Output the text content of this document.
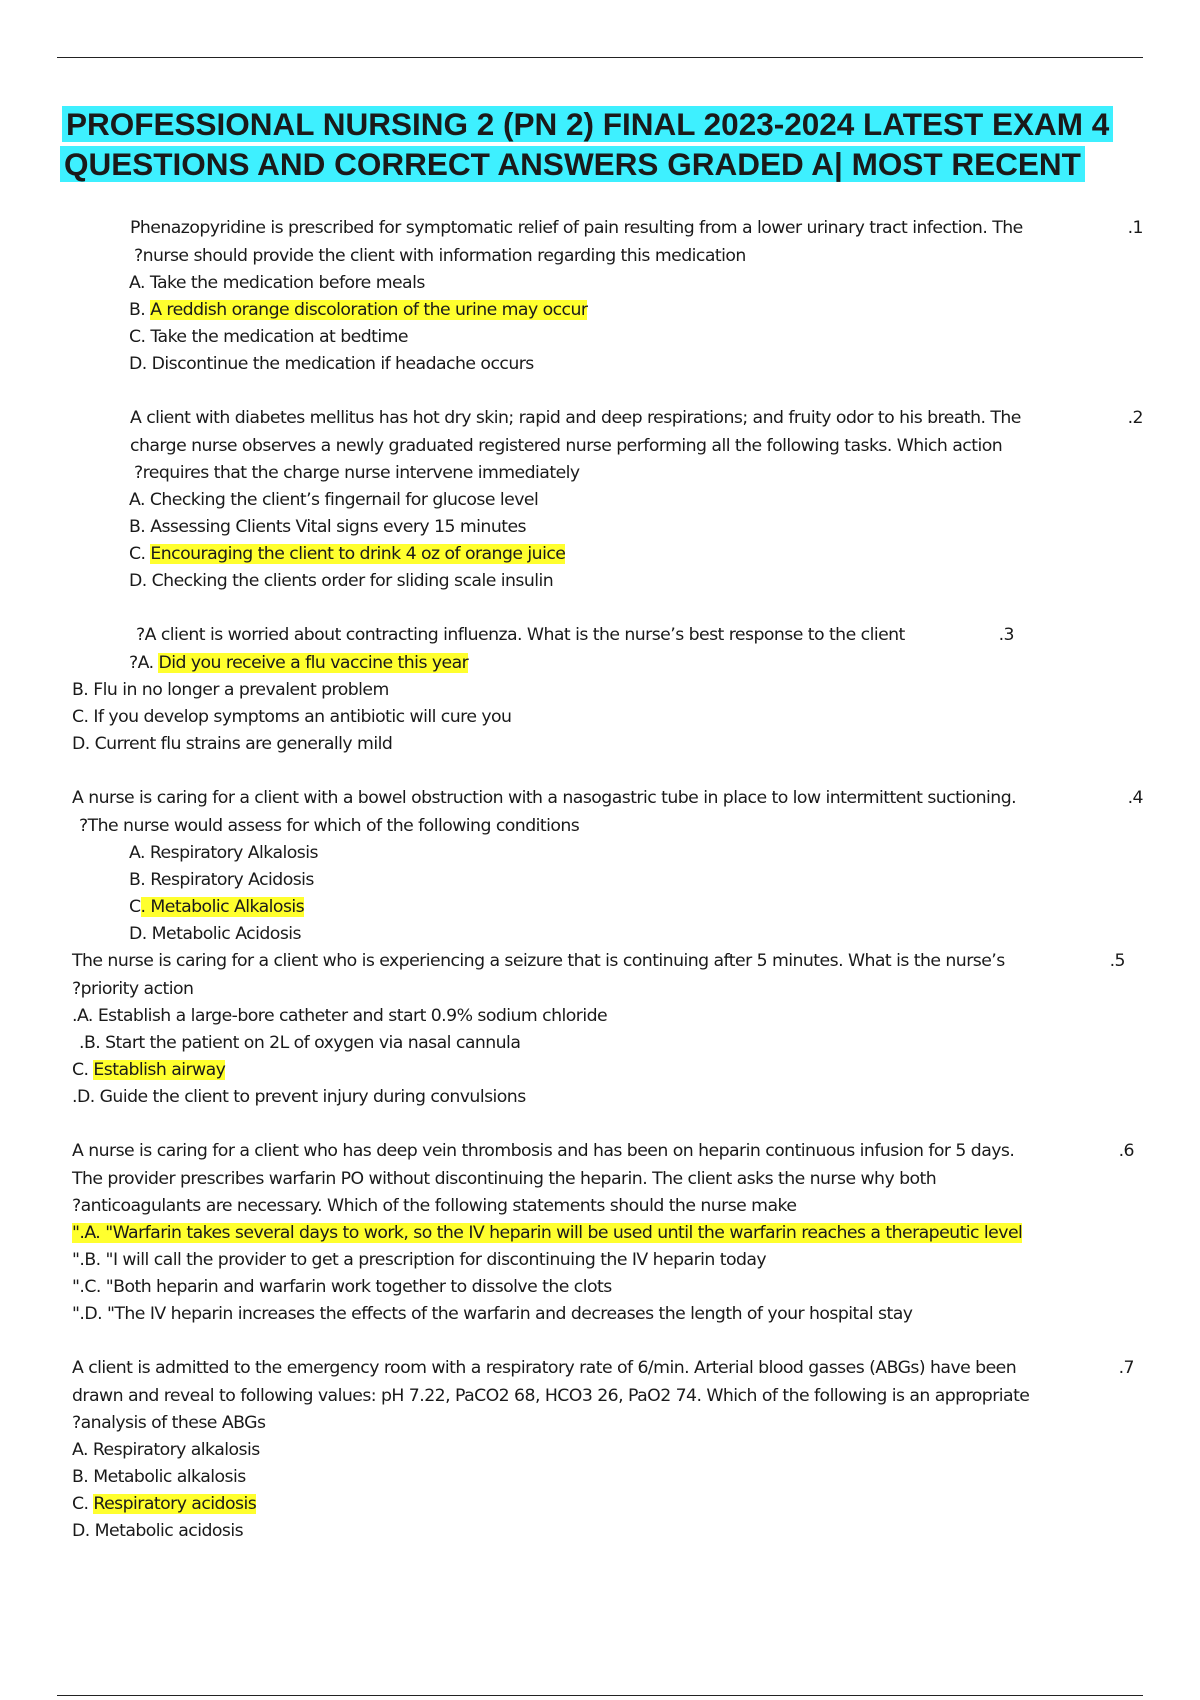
PROFESSIONAL NURSING 2 (PN 2) FINAL 2023-2024 LATEST EXAM 4
QUESTIONS AND CORRECT ANSWERS GRADED A| MOST RECENT
Phenazopyridine is prescribed for symptomatic relief of pain resulting from a lower urinary tract infection. The	.1
?nurse should provide the client with information regarding this medication
A. Take the medication before meals
B. A reddish orange discoloration of the urine may occur
C. Take the medication at bedtime
D. Discontinue the medication if headache occurs
A client with diabetes mellitus has hot dry skin; rapid and deep respirations; and fruity odor to his breath. The	.2
charge nurse observes a newly graduated registered nurse performing all the following tasks. Which action
?requires that the charge nurse intervene immediately
A. Checking the client’s fingernail for glucose level
B. Assessing Clients Vital signs every 15 minutes
C. Encouraging the client to drink 4 oz of orange juice
D. Checking the clients order for sliding scale insulin
?A client is worried about contracting influenza. What is the nurse’s best response to the client	.3
?A. Did you receive a flu vaccine this year
B. Flu in no longer a prevalent problem
C. If you develop symptoms an antibiotic will cure you
D. Current flu strains are generally mild
A nurse is caring for a client with a bowel obstruction with a nasogastric tube in place to low intermittent suctioning.	.4
?The nurse would assess for which of the following conditions
A. Respiratory Alkalosis
B. Respiratory Acidosis
C. Metabolic Alkalosis
D. Metabolic Acidosis
The nurse is caring for a client who is experiencing a seizure that is continuing after 5 minutes. What is the nurse’s	.5
?priority action
.A. Establish a large-bore catheter and start 0.9% sodium chloride
.B. Start the patient on 2L of oxygen via nasal cannula
C. Establish airway
.D. Guide the client to prevent injury during convulsions
A nurse is caring for a client who has deep vein thrombosis and has been on heparin continuous infusion for 5 days.	.6
The provider prescribes warfarin PO without discontinuing the heparin. The client asks the nurse why both
?anticoagulants are necessary. Which of the following statements should the nurse make
".A. "Warfarin takes several days to work, so the IV heparin will be used until the warfarin reaches a therapeutic level
".B. "I will call the provider to get a prescription for discontinuing the IV heparin today
".C. "Both heparin and warfarin work together to dissolve the clots
".D. "The IV heparin increases the effects of the warfarin and decreases the length of your hospital stay
A client is admitted to the emergency room with a respiratory rate of 6/min. Arterial blood gasses (ABGs) have been	.7
drawn and reveal to following values: pH 7.22, PaCO2 68, HCO3 26, PaO2 74. Which of the following is an appropriate
?analysis of these ABGs
A. Respiratory alkalosis
B. Metabolic alkalosis
C. Respiratory acidosis
D. Metabolic acidosis
